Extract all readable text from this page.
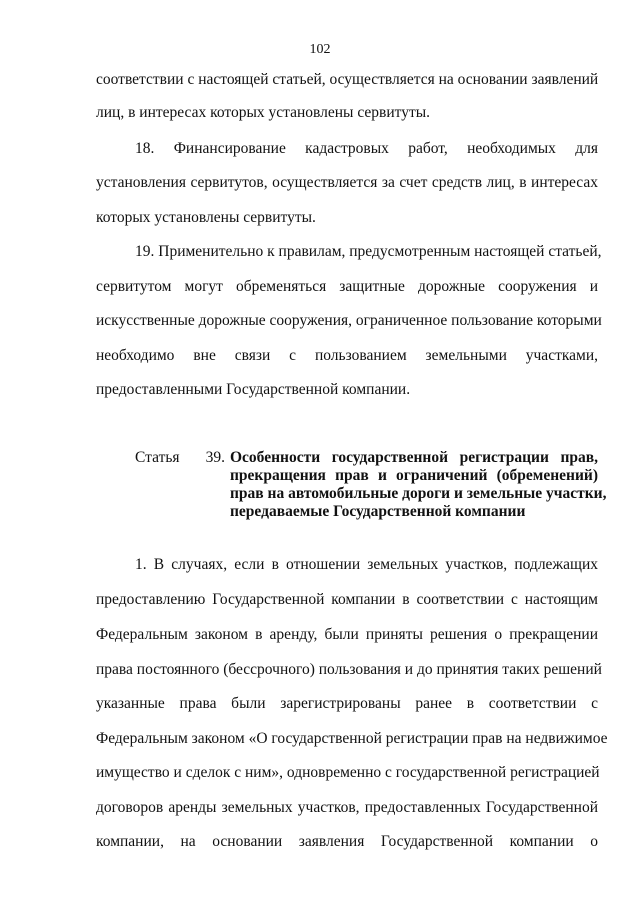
102
соответствии с настоящей статьей, осуществляется на основании заявлений
лиц, в интересах которых установлены сервитуты.
18. Финансирование кадастровых работ, необходимых для
установления сервитутов, осуществляется за счет средств лиц, в интересах
которых установлены сервитуты.
19. Применительно к правилам, предусмотренным настоящей статьей,
сервитутом могут обременяться защитные дорожные сооружения и
искусственные дорожные сооружения, ограниченное пользование которыми
необходимо вне связи с пользованием земельными участками,
предоставленными Государственной компании.
Статья 39. Особенности государственной регистрации прав,
прекращения прав и ограничений (обременений)
прав на автомобильные дороги и земельные участки,
передаваемые Государственной компании
1. В случаях, если в отношении земельных участков, подлежащих
предоставлению Государственной компании в соответствии с настоящим
Федеральным законом в аренду, были приняты решения о прекращении
права постоянного (бессрочного) пользования и до принятия таких решений
указанные права были зарегистрированы ранее в соответствии с
Федеральным законом «О государственной регистрации прав на недвижимое
имущество и сделок с ним», одновременно с государственной регистрацией
договоров аренды земельных участков, предоставленных Государственной
компании, на основании заявления Государственной компании о
